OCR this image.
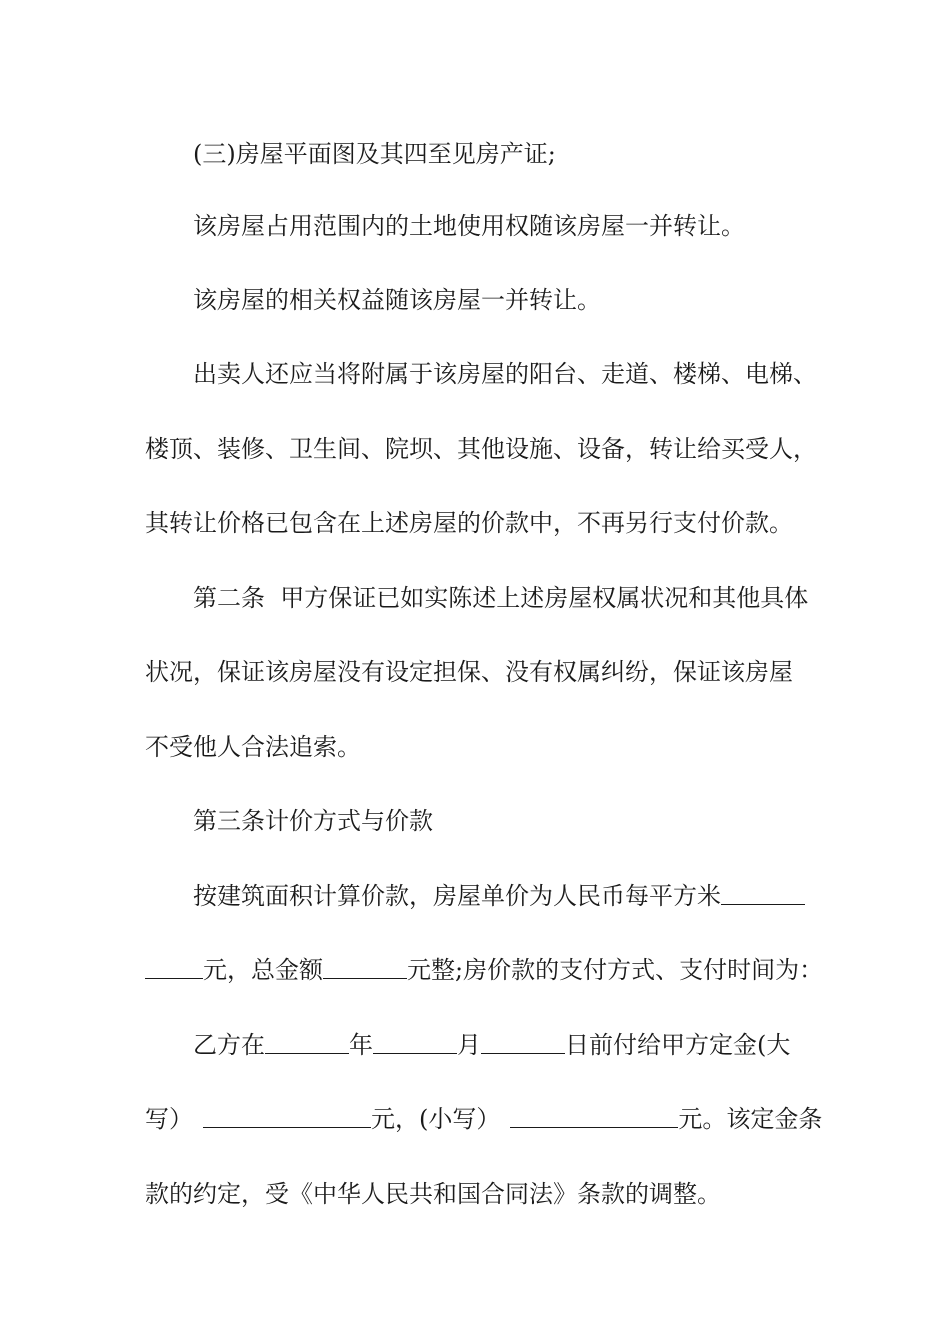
(三)房屋平面图及其四至见房产证;
该房屋占用范围内的土地使用权随该房屋一并转让。
该房屋的相关权益随该房屋一并转让。
出卖人还应当将附属于该房屋的阳台、走道、楼梯、电梯、
楼顶、装修、卫生间、院坝、其他设施、设备，转让给买受人，
其转让价格已包含在上述房屋的价款中，不再另行支付价款。
第二条  甲方保证已如实陈述上述房屋权属状况和其他具体
状况，保证该房屋没有设定担保、没有权属纠纷，保证该房屋
不受他人合法追索。
第三条计价方式与价款
按建筑面积计算价款，房屋单价为人民币每平方米
元，总金额	元整;房价款的支付方式、支付时间为：
乙方在	年	月	日前付给甲方定金(大
写）	元，(小写）	元。该定金条
款的约定，受《中华人民共和国合同法》条款的调整。
